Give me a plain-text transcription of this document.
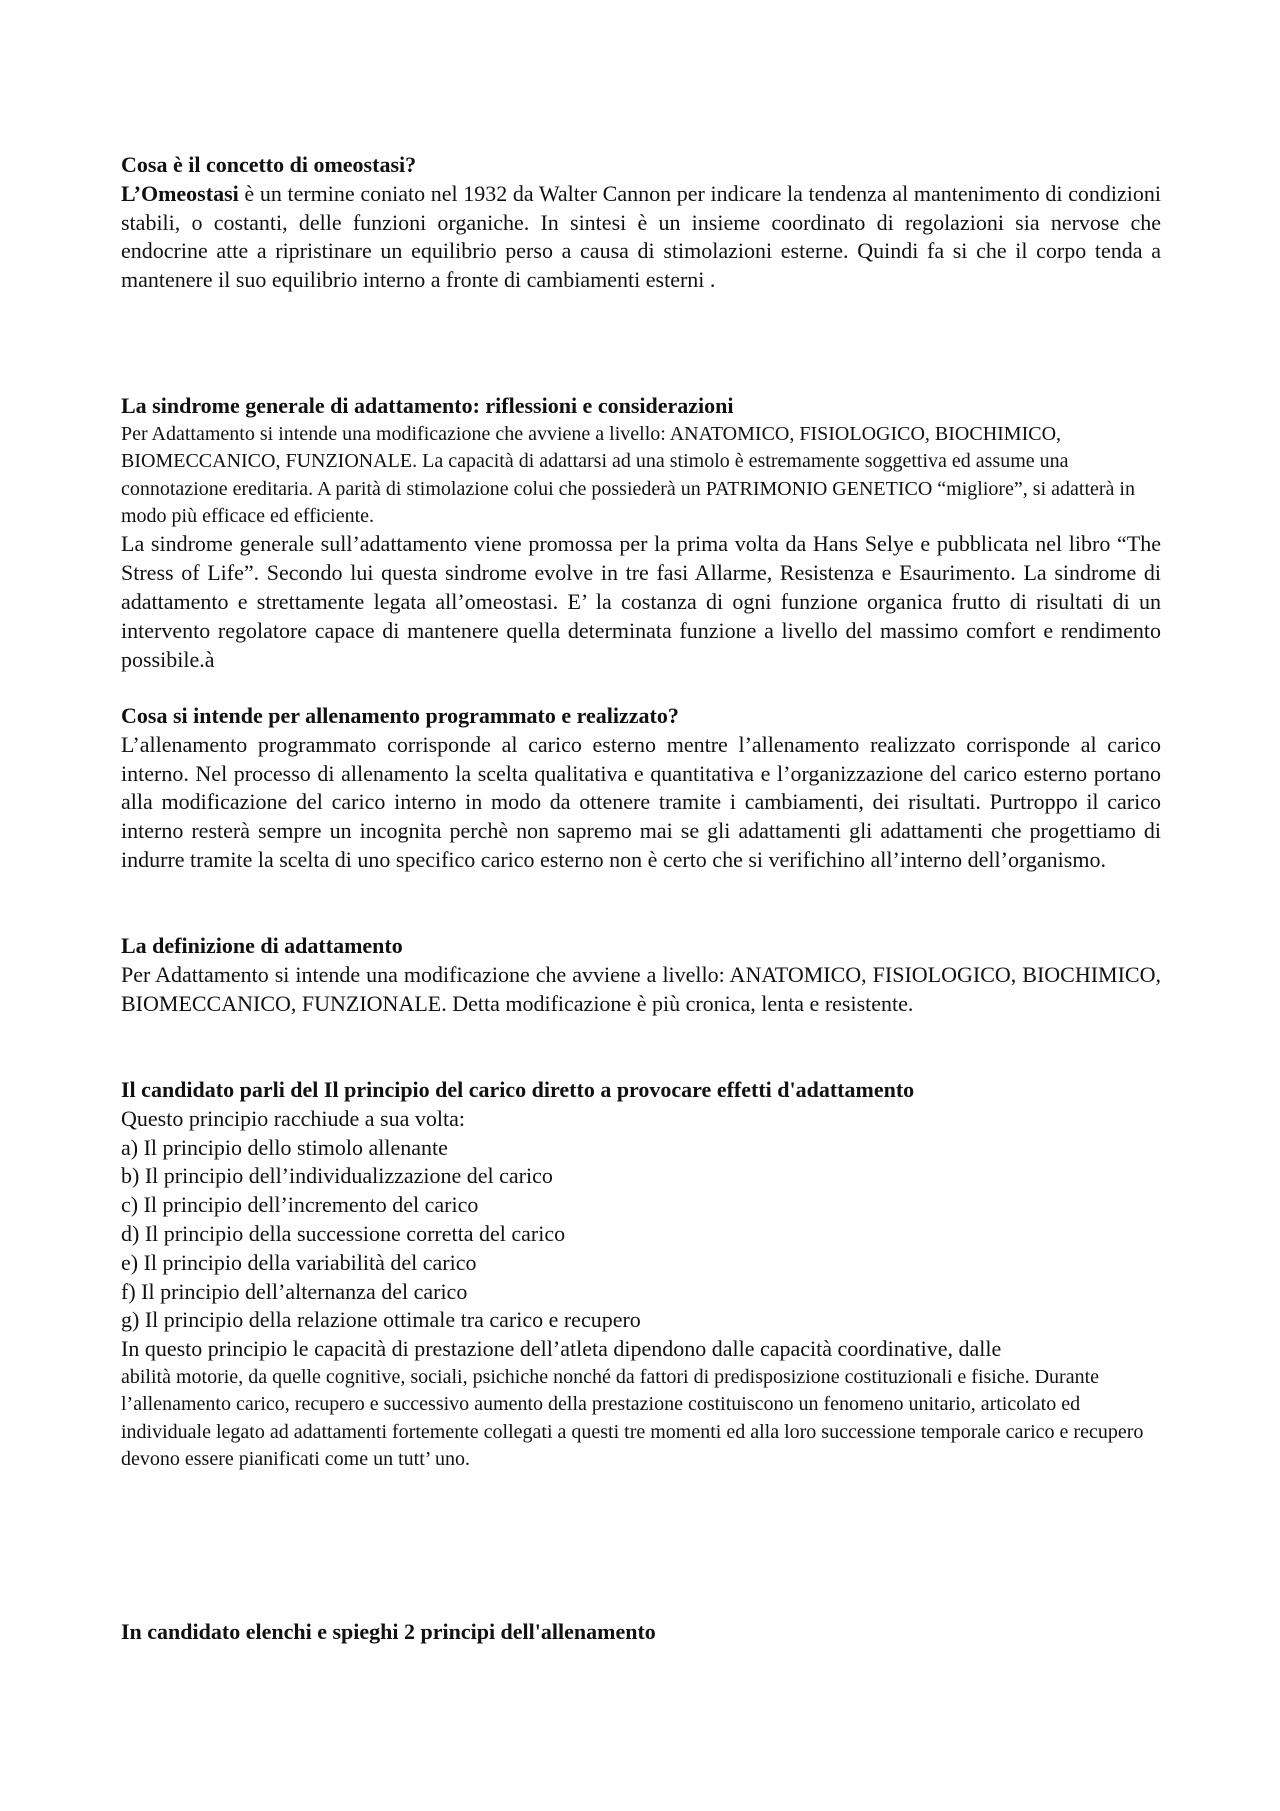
Cosa è il concetto di omeostasi?

L’Omeostasi è un termine coniato nel 1932 da Walter Cannon per indicare la tendenza al mantenimento di condizioni stabili, o costanti, delle funzioni organiche. In sintesi è un insieme coordinato di regolazioni sia nervose che endocrine atte a ripristinare un equilibrio perso a causa di stimolazioni esterne. Quindi fa si che il corpo tenda a mantenere il suo equilibrio interno a fronte di cambiamenti esterni .

La sindrome generale di adattamento: riflessioni e considerazioni

Per Adattamento si intende una modificazione che avviene a livello: ANATOMICO, FISIOLOGICO, BIOCHIMICO, BIOMECCANICO, FUNZIONALE. La capacità di adattarsi ad una stimolo è estremamente soggettiva ed assume una connotazione ereditaria. A parità di stimolazione colui che possiederà un PATRIMONIO GENETICO “migliore”, si adatterà in modo più efficace ed efficiente.

La sindrome generale sull’adattamento viene promossa per la prima volta da Hans Selye e pubblicata nel libro “The Stress of Life”. Secondo lui questa sindrome evolve in tre fasi Allarme, Resistenza e Esaurimento. La sindrome di adattamento e strettamente legata all’omeostasi. E’ la costanza di ogni funzione organica frutto di risultati di un intervento regolatore capace di mantenere quella determinata funzione a livello del massimo comfort e rendimento possibile.à

Cosa si intende per allenamento programmato e realizzato?

L’allenamento programmato corrisponde al carico esterno mentre l’allenamento realizzato corrisponde al carico interno. Nel processo di allenamento la scelta qualitativa e quantitativa e l’organizzazione del carico esterno portano alla modificazione del carico interno in modo da ottenere tramite i cambiamenti, dei risultati. Purtroppo il carico interno resterà sempre un incognita perchè non sapremo mai se gli adattamenti gli adattamenti che progettiamo di indurre tramite la scelta di uno specifico carico esterno non è certo che si verifichino all’interno dell’organismo.

La definizione di adattamento

Per Adattamento si intende una modificazione che avviene a livello: ANATOMICO, FISIOLOGICO, BIOCHIMICO, BIOMECCANICO, FUNZIONALE. Detta modificazione è più cronica, lenta e resistente.

Il candidato parli del Il principio del carico diretto a provocare effetti d'adattamento

Questo principio racchiude a sua volta:

a) Il principio dello stimolo allenante
b) Il principio dell’individualizzazione del carico
c) Il principio dell’incremento del carico
d) Il principio della successione corretta del carico
e) Il principio della variabilità del carico
f) Il principio dell’alternanza del carico
g) Il principio della relazione ottimale tra carico e recupero

In questo principio le capacità di prestazione dell’atleta dipendono dalle capacità coordinative, dalle

abilità motorie, da quelle cognitive, sociali, psichiche nonché da fattori di predisposizione costituzionali e fisiche. Durante l’allenamento carico, recupero e successivo aumento della prestazione costituiscono un fenomeno unitario, articolato ed individuale legato ad adattamenti fortemente collegati a questi tre momenti ed alla loro successione temporale carico e recupero devono essere pianificati come un tutt’ uno.

In candidato elenchi e spieghi 2 principi dell'allenamento
